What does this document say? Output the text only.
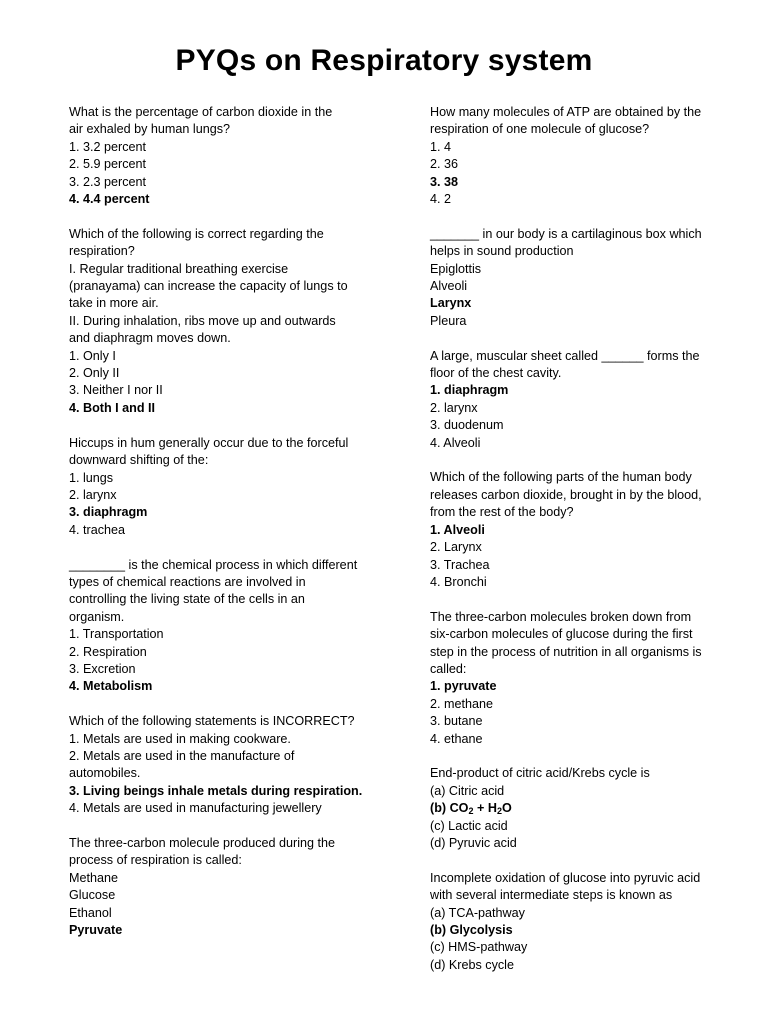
PYQs on Respiratory system
What is the percentage of carbon dioxide in the
air exhaled by human lungs?
1. 3.2 percent
2. 5.9 percent
3. 2.3 percent
4. 4.4 percent
Which of the following is correct regarding the
respiration?
I. Regular traditional breathing exercise
(pranayama) can increase the capacity of lungs to
take in more air.
II. During inhalation, ribs move up and outwards
and diaphragm moves down.
1. Only I
2. Only II
3. Neither I nor II
4. Both I and II
Hiccups in hum generally occur due to the forceful
downward shifting of the:
1. lungs
2. larynx
3. diaphragm
4. trachea
________ is the chemical process in which different
types of chemical reactions are involved in
controlling the living state of the cells in an
organism.
1. Transportation
2. Respiration
3. Excretion
4. Metabolism
Which of the following statements is INCORRECT?
1. Metals are used in making cookware.
2. Metals are used in the manufacture of
automobiles.
3. Living beings inhale metals during respiration.
4. Metals are used in manufacturing jewellery
The three-carbon molecule produced during the
process of respiration is called:
Methane
Glucose
Ethanol
Pyruvate
How many molecules of ATP are obtained by the
respiration of one molecule of glucose?
1. 4
2. 36
3. 38
4. 2
_______ in our body is a cartilaginous box which
helps in sound production
Epiglottis
Alveoli
Larynx
Pleura
A large, muscular sheet called ______ forms the
floor of the chest cavity.
1. diaphragm
2. larynx
3. duodenum
4. Alveoli
Which of the following parts of the human body
releases carbon dioxide, brought in by the blood,
from the rest of the body?
1. Alveoli
2. Larynx
3. Trachea
4. Bronchi
The three-carbon molecules broken down from
six-carbon molecules of glucose during the first
step in the process of nutrition in all organisms is
called:
1. pyruvate
2. methane
3. butane
4. ethane
End-product of citric acid/Krebs cycle is
(a) Citric acid
(b) $CO_2 + H_2O$
(c) Lactic acid
(d) Pyruvic acid
Incomplete oxidation of glucose into pyruvic acid
with several intermediate steps is known as
(a) TCA-pathway
(b) Glycolysis
(c) HMS-pathway
(d) Krebs cycle
